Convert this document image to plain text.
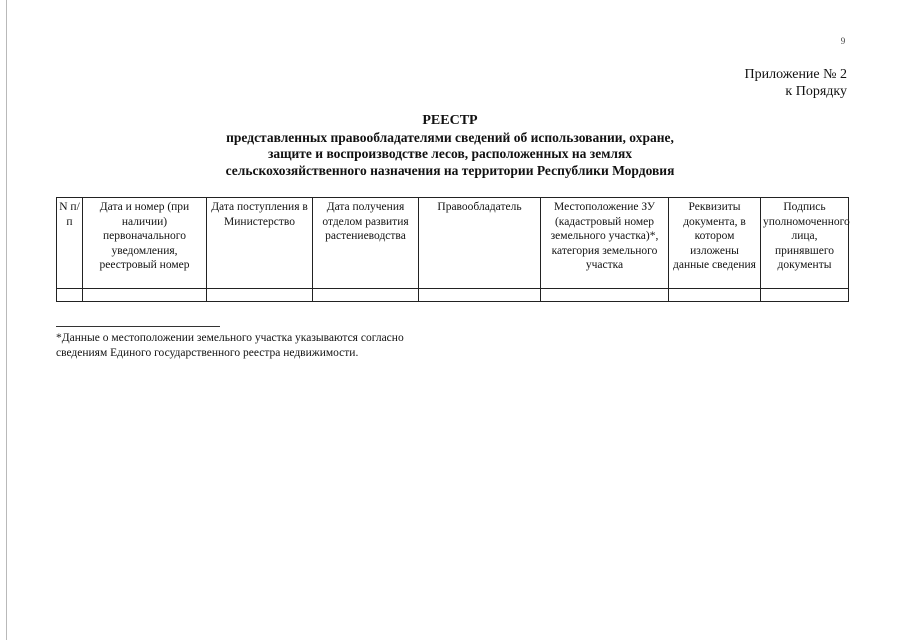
9
Приложение № 2
к Порядку
РЕЕСТР
представленных правообладателями сведений об использовании, охране,
защите и воспроизводстве лесов, расположенных на землях
сельскохозяйственного назначения на территории Республики Мордовия
N п/п	Дата и номер (при наличии) первоначального уведомления, реестровый номер	Дата поступления в Министерство	Дата получения отделом развития растениеводства	Правообладатель	Местоположение ЗУ (кадастровый номер земельного участка)*, категория земельного участка	Реквизиты документа, в котором изложены данные сведения	Подпись уполномоченного лица, принявшего документы

*Данные о местоположении земельного участка указываются согласно
сведениям Единого государственного реестра недвижимости.
